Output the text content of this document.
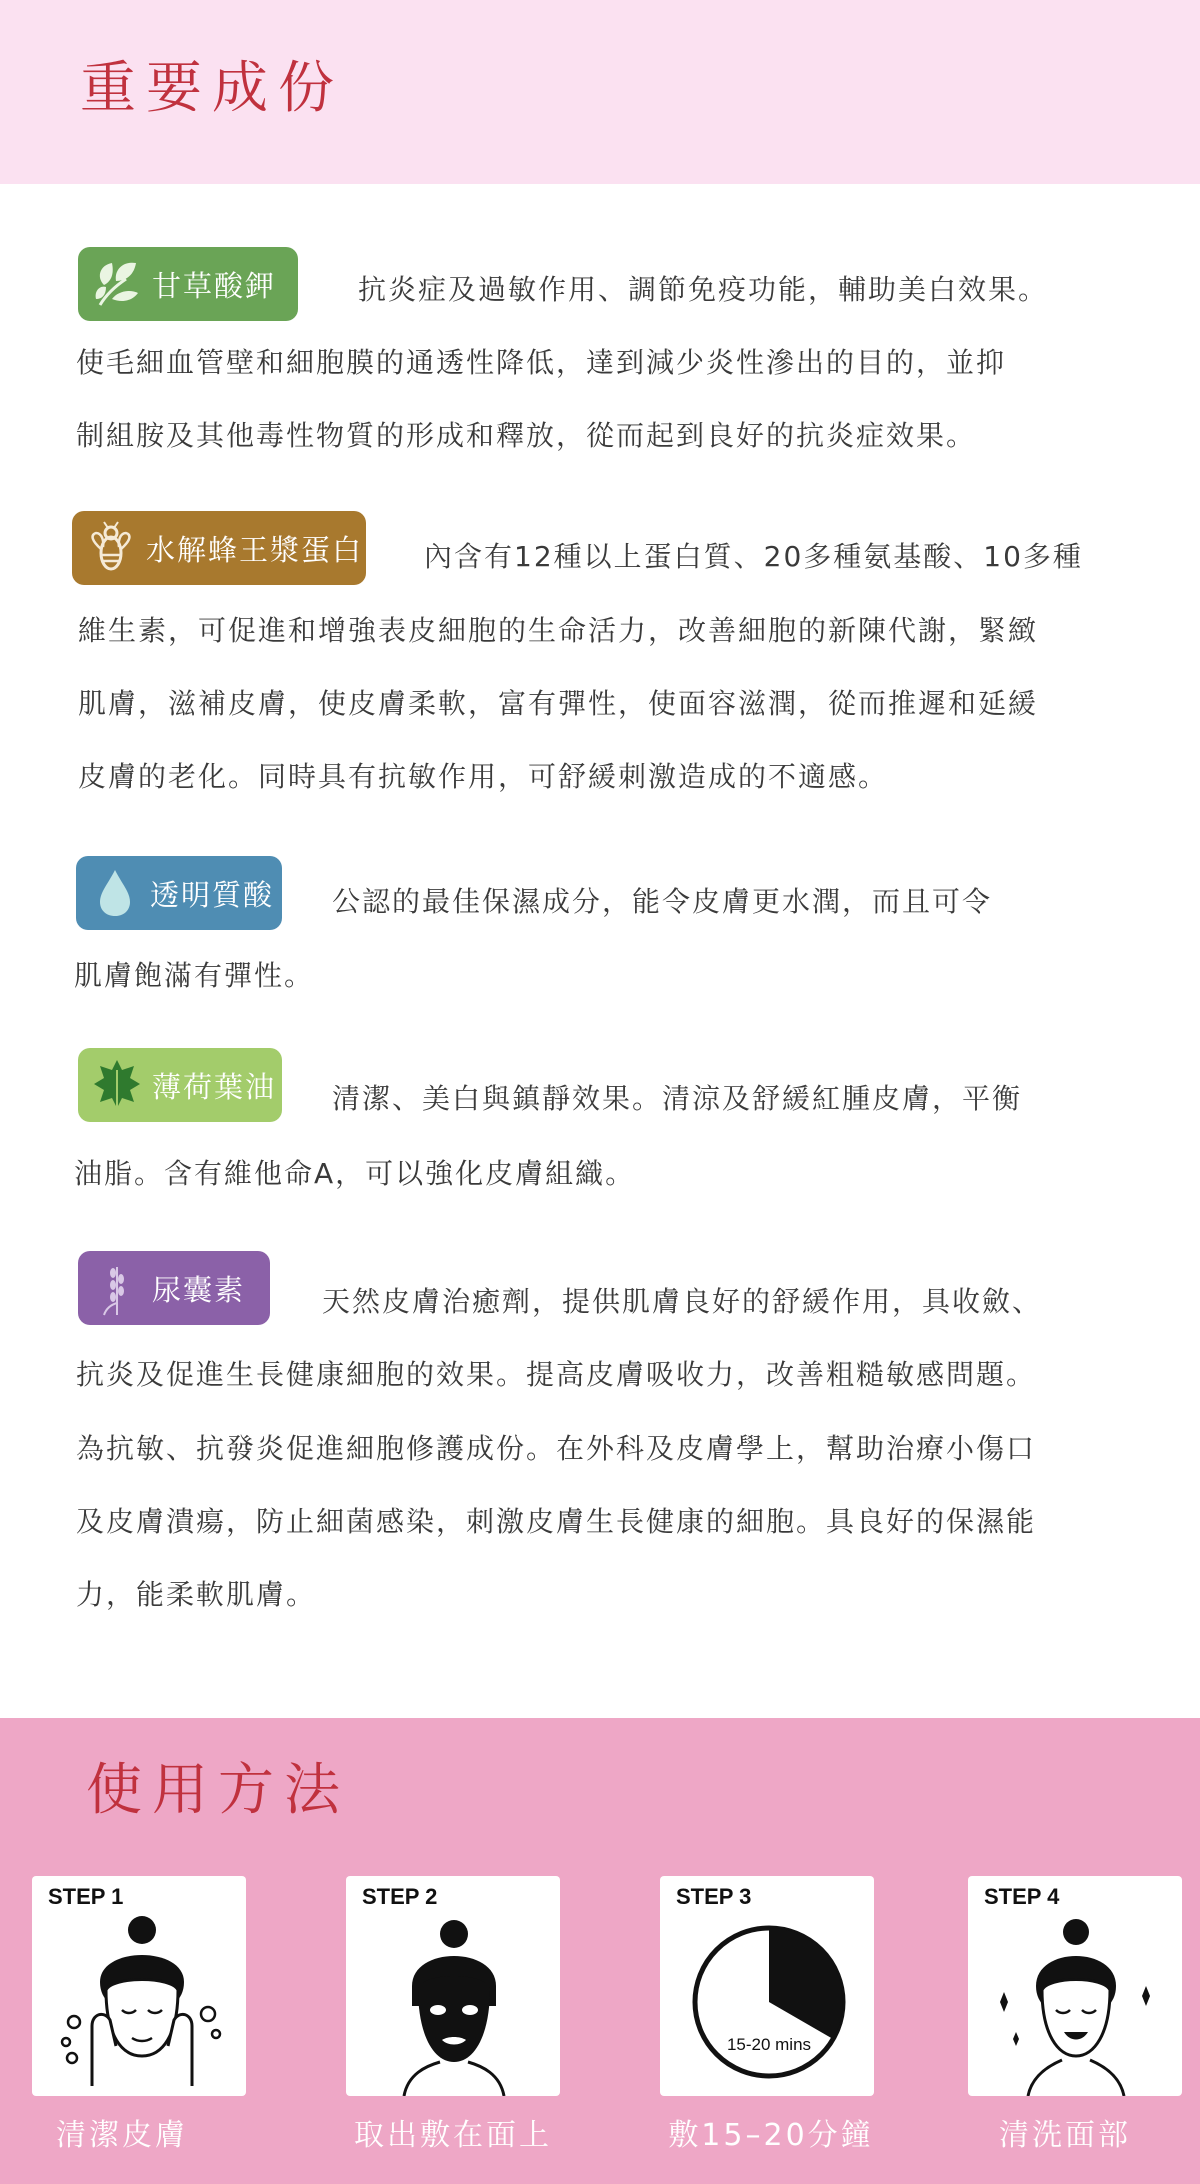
重要成份
甘草酸鉀	抗炎症及過敏作用、調節免疫功能，輔助美白效果。
使毛細血管壁和細胞膜的通透性降低，達到減少炎性滲出的目的，並抑
制組胺及其他毒性物質的形成和釋放，從而起到良好的抗炎症效果。
水解蜂王漿蛋白 內含有12種以上蛋白質、20多種氨基酸、10多種
維生素，可促進和增強表皮細胞的生命活力，改善細胞的新陳代謝，緊緻
肌膚，滋補皮膚，使皮膚柔軟，富有彈性，使面容滋潤，從而推遲和延緩
皮膚的老化。同時具有抗敏作用，可舒緩刺激造成的不適感。
透明質酸 公認的最佳保濕成分，能令皮膚更水潤，而且可令
肌膚飽滿有彈性。
薄荷葉油 清潔、美白與鎮靜效果。清涼及舒緩紅腫皮膚，平衡
油脂。含有維他命A，可以強化皮膚組織。
尿囊素	天然皮膚治癒劑，提供肌膚良好的舒緩作用，具收斂、
抗炎及促進生長健康細胞的效果。提高皮膚吸收力，改善粗糙敏感問題。
為抗敏、抗發炎促進細胞修護成份。在外科及皮膚學上，幫助治療小傷口
及皮膚潰瘍，防止細菌感染，刺激皮膚生長健康的細胞。具良好的保濕能
力，能柔軟肌膚。
使用方法
STEP 1
清潔皮膚
STEP 2
取出敷在面上
STEP 3
15-20 mins
敷15–20分鐘
STEP 4
清洗面部
